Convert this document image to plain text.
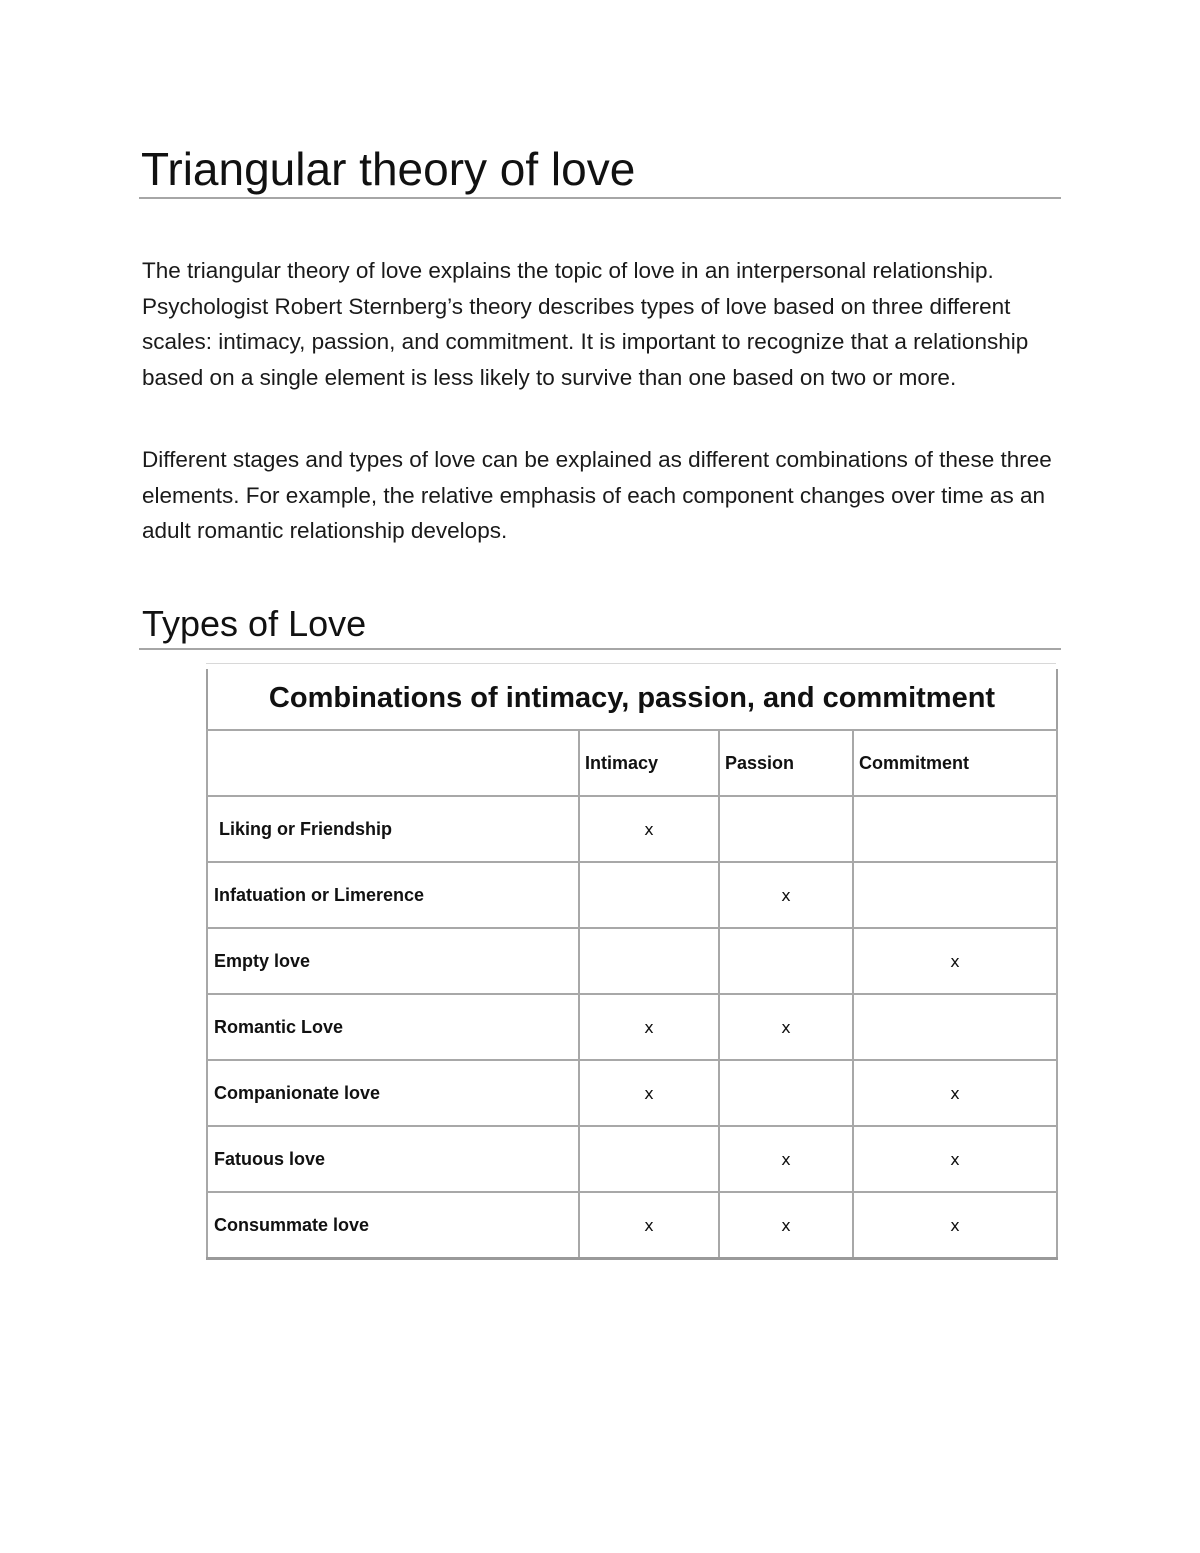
Triangular theory of love

The triangular theory of love explains the topic of love in an interpersonal relationship. Psychologist Robert Sternberg’s theory describes types of love based on three different scales: intimacy, passion, and commitment. It is important to recognize that a relationship based on a single element is less likely to survive than one based on two or more.

Different stages and types of love can be explained as different combinations of these three elements. For example, the relative emphasis of each component changes over time as an adult romantic relationship develops.

Types of Love
Combinations of intimacy, passion, and commitment
	Intimacy	Passion	Commitment
Liking or Friendship	x		
Infatuation or Limerence		x	
Empty love			x
Romantic Love	x	x	
Companionate love	x		x
Fatuous love		x	x
Consummate love	x	x	x
